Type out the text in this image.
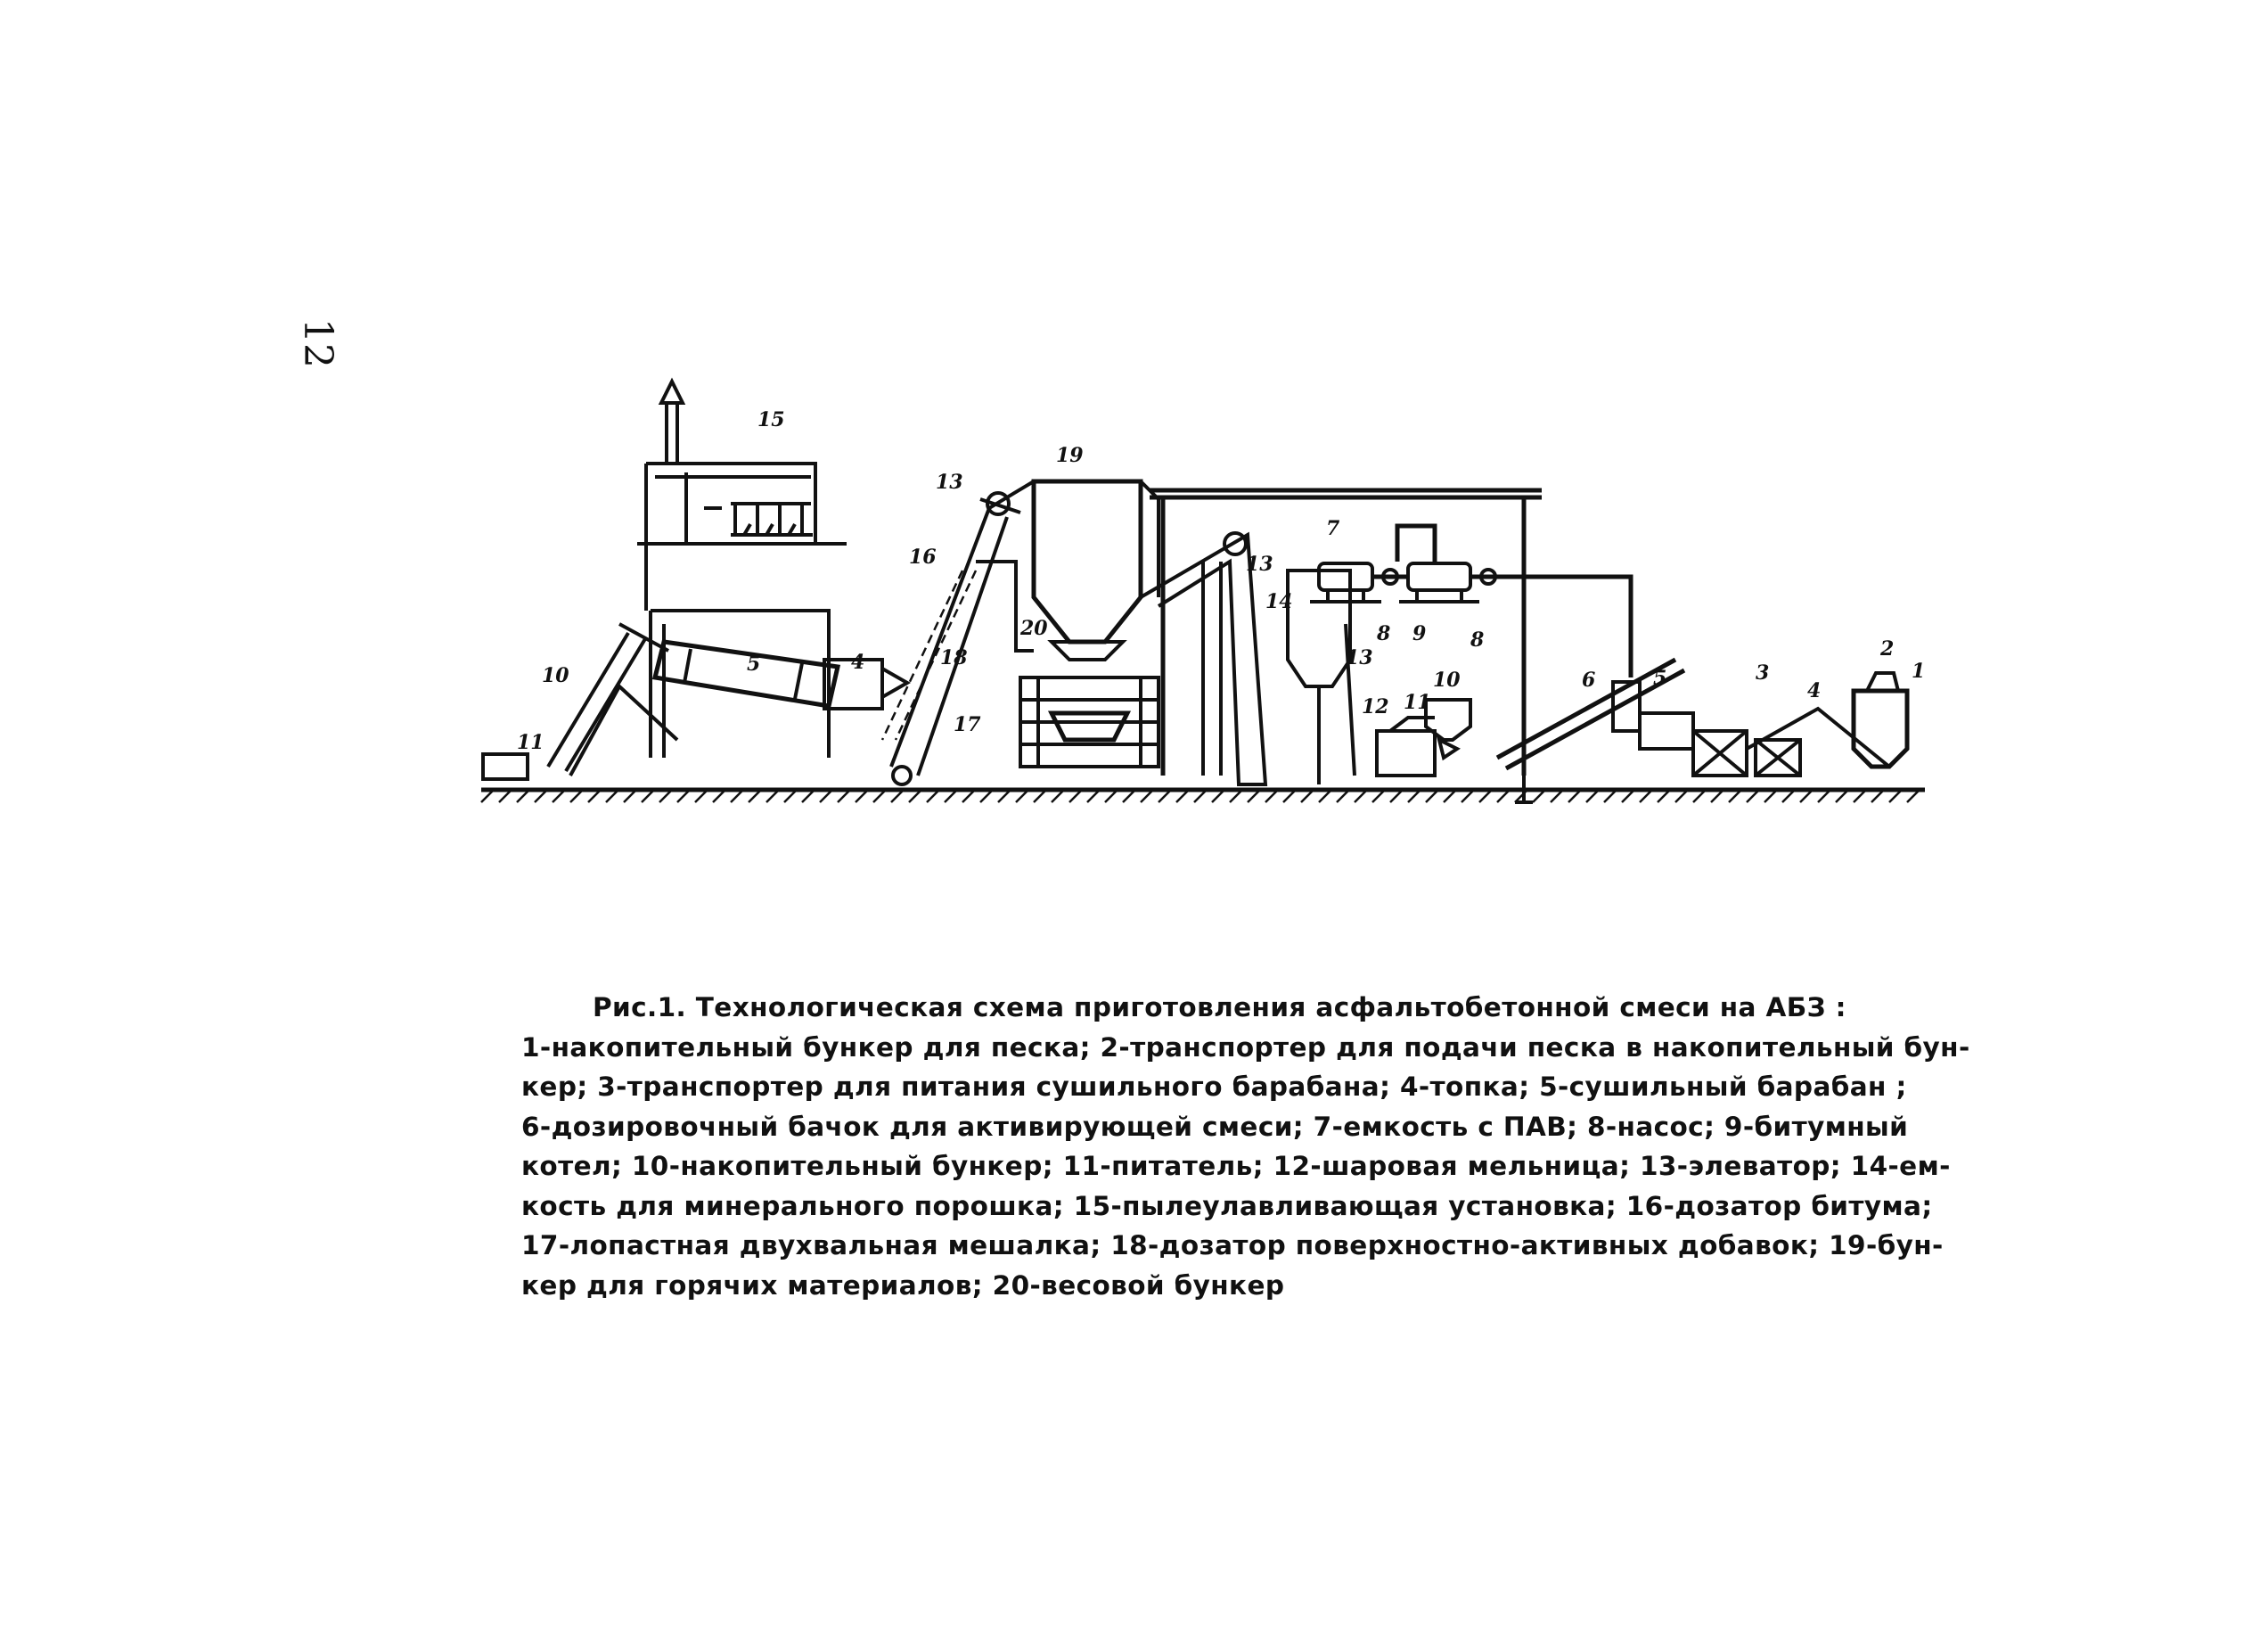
12
15
19
13
7
16	13
20
14
13
8 9 8
18
5	4
10
17
11
12 11
10	6	5	3
4
2
1
Рис.1. Технологическая схема приготовления асфальтобетонной смеси на АБЗ :
1-накопительный бункер для песка; 2-транспортер для подачи песка в накопительный бун-
кер; 3-транспортер для питания сушильного барабана; 4-топка; 5-сушильный барабан ;
6-дозировочный бачок для активирующей смеси; 7-емкость с ПАВ; 8-насос; 9-битумный
котел; 10-накопительный бункер; 11-питатель; 12-шаровая мельница; 13-элеватор; 14-ем-
кость для минерального порошка; 15-пылеулавливающая установка; 16-дозатор битума;
17-лопастная двухвальная мешалка; 18-дозатор поверхностно-активных добавок; 19-бун-
кер для горячих материалов; 20-весовой бункер
